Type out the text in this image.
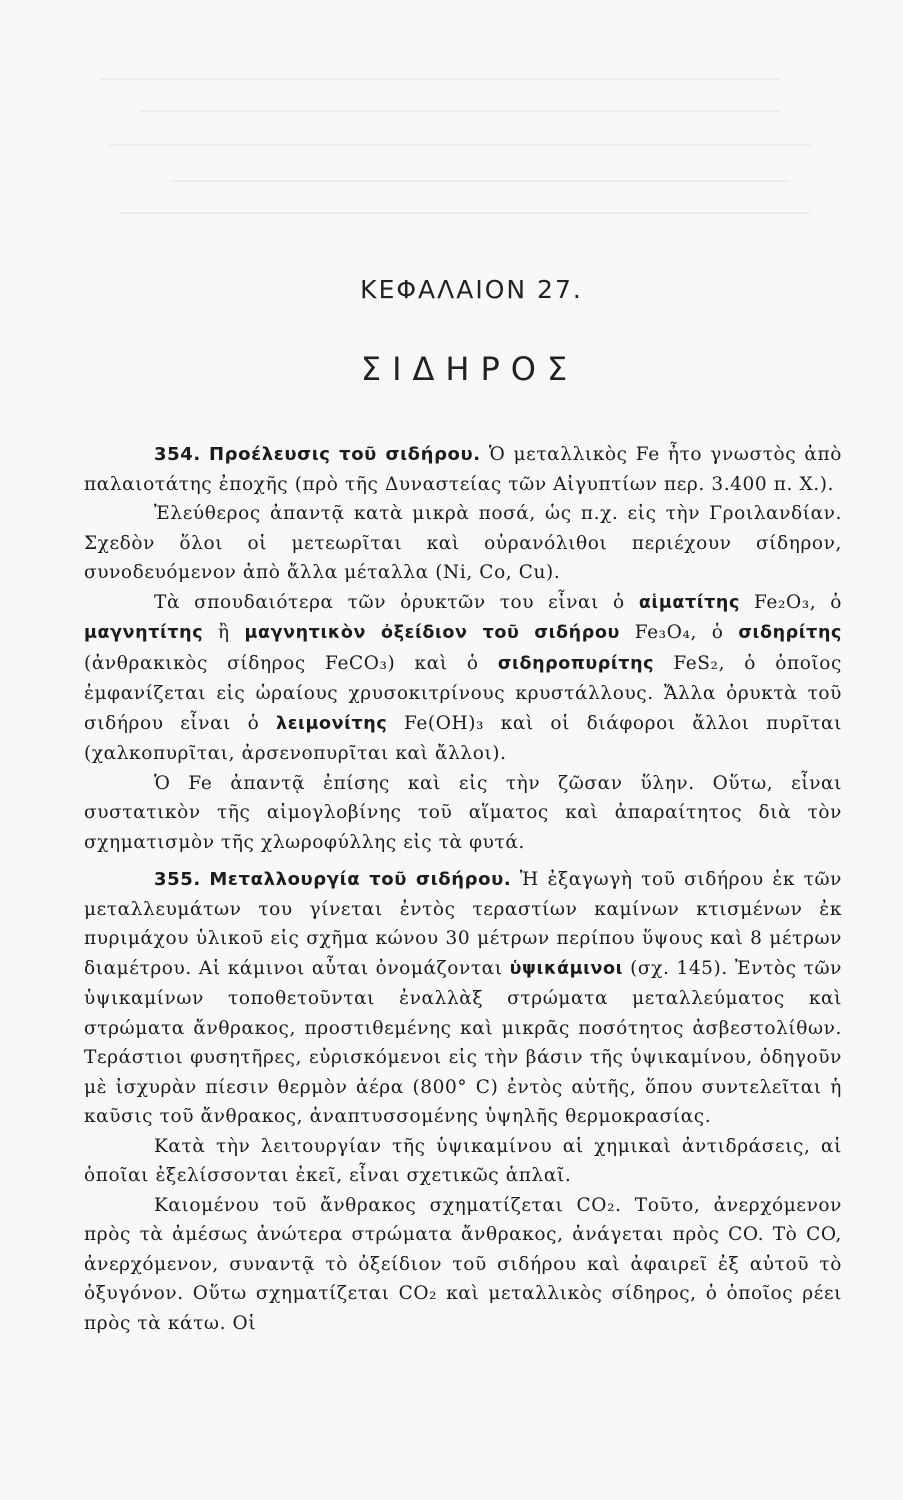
ΚΕΦΑΛΑΙΟΝ 27.
ΣΙΔΗΡΟΣ

354. Προέλευσις τοῦ σιδήρου. Ὁ μεταλλικὸς Fe ἦτο γνωστὸς ἀπὸ παλαιοτάτης ἐποχῆς (πρὸ τῆς Δυναστείας τῶν Αἰγυπτίων περ. 3.400 π. Χ.).

Ἐλεύθερος ἀπαντᾷ κατὰ μικρὰ ποσά, ὡς π.χ. εἰς τὴν Γροιλανδίαν. Σχεδὸν ὅλοι οἱ μετεωρῖται καὶ οὐρανόλιθοι περιέχουν σίδηρον, συνοδευόμενον ἀπὸ ἄλλα μέταλλα (Ni, Co, Cu).

Τὰ σπουδαιότερα τῶν ὀρυκτῶν του εἶναι ὁ αἱματίτης Fe₂O₃, ὁ μαγνητίτης ἢ μαγνητικὸν ὀξείδιον τοῦ σιδήρου Fe₃O₄, ὁ σιδηρίτης (ἀνθρακικὸς σίδηρος FeCO₃) καὶ ὁ σιδηροπυρίτης FeS₂, ὁ ὁποῖος ἐμφανίζεται εἰς ὡραίους χρυσοκιτρίνους κρυστάλλους. Ἄλλα ὀρυκτὰ τοῦ σιδήρου εἶναι ὁ λειμονίτης Fe(OH)₃ καὶ οἱ διάφοροι ἄλλοι πυρῖται (χαλκοπυρῖται, ἀρσενοπυρῖται καὶ ἄλλοι).

Ὁ Fe ἀπαντᾷ ἐπίσης καὶ εἰς τὴν ζῶσαν ὕλην. Οὕτω, εἶναι συστατικὸν τῆς αἱμογλοβίνης τοῦ αἵματος καὶ ἀπαραίτητος διὰ τὸν σχηματισμὸν τῆς χλωροφύλλης εἰς τὰ φυτά.

355. Μεταλλουργία τοῦ σιδήρου. Ἡ ἐξαγωγὴ τοῦ σιδήρου ἐκ τῶν μεταλλευμάτων του γίνεται ἐντὸς τεραστίων καμίνων κτισμένων ἐκ πυριμάχου ὑλικοῦ εἰς σχῆμα κώνου 30 μέτρων περίπου ὕψους καὶ 8 μέτρων διαμέτρου. Αἱ κάμινοι αὗται ὀνομάζονται ὑψικάμινοι (σχ. 145). Ἐντὸς τῶν ὑψικαμίνων τοποθετοῦνται ἐναλλὰξ στρώματα μεταλλεύματος καὶ στρώματα ἄνθρακος, προστιθεμένης καὶ μικρᾶς ποσότητος ἀσβεστολίθων. Τεράστιοι φυσητῆρες, εὑρισκόμενοι εἰς τὴν βάσιν τῆς ὑψικαμίνου, ὁδηγοῦν μὲ ἰσχυρὰν πίεσιν θερμὸν ἀέρα (800° C) ἐντὸς αὐτῆς, ὅπου συντελεῖται ἡ καῦσις τοῦ ἄνθρακος, ἀναπτυσσομένης ὑψηλῆς θερμοκρασίας.

Κατὰ τὴν λειτουργίαν τῆς ὑψικαμίνου αἱ χημικαὶ ἀντιδράσεις, αἱ ὁποῖαι ἐξελίσσονται ἐκεῖ, εἶναι σχετικῶς ἁπλαῖ.

Καιομένου τοῦ ἄνθρακος σχηματίζεται CO₂. Τοῦτο, ἀνερχόμενον πρὸς τὰ ἀμέσως ἀνώτερα στρώματα ἄνθρακος, ἀνάγεται πρὸς CO. Τὸ CO, ἀνερχόμενον, συναντᾷ τὸ ὀξείδιον τοῦ σιδήρου καὶ ἀφαιρεῖ ἐξ αὐτοῦ τὸ ὀξυγόνον. Οὕτω σχηματίζεται CO₂ καὶ μεταλλικὸς σίδηρος, ὁ ὁποῖος ρέει πρὸς τὰ κάτω. Οἱ
